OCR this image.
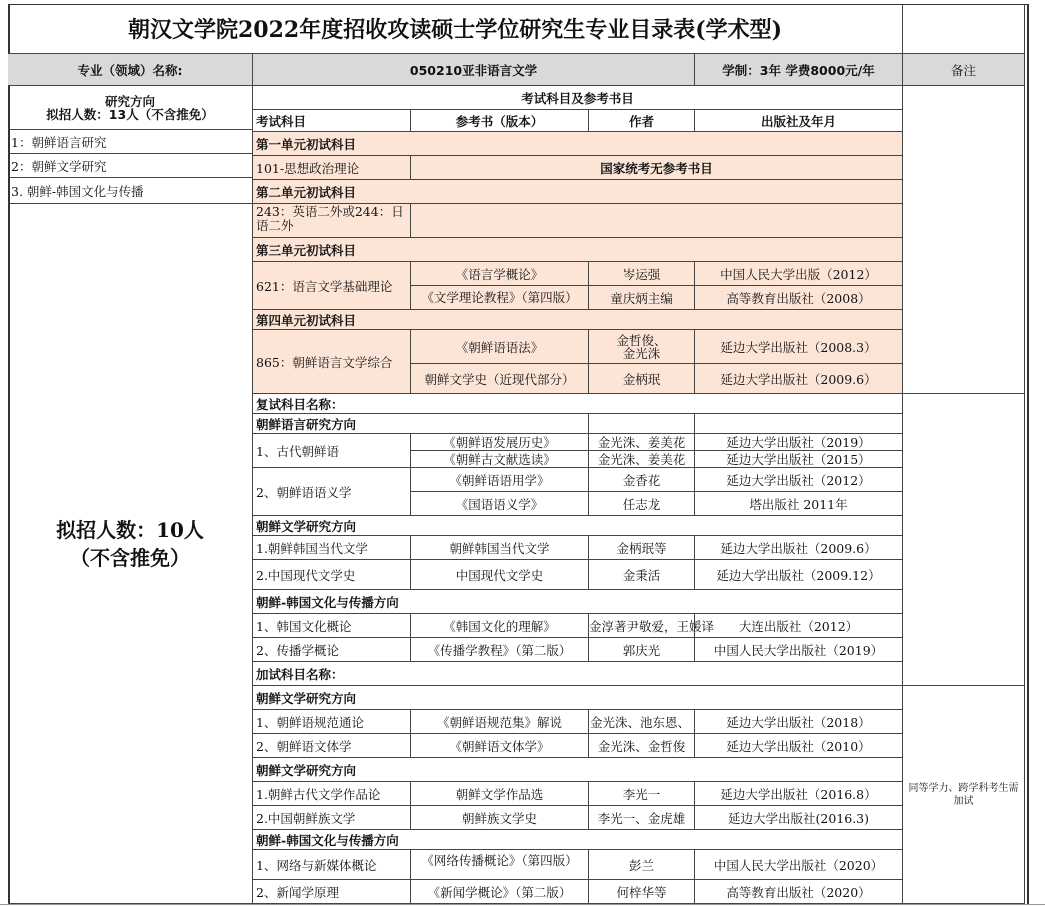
朝汉文学院2022年度招收攻读硕士学位研究生专业目录表(学术型)
专业（领域）名称:	050210亚非语言文学	学制：3年 学费8000元/年	备注
研究方向
拟招人数：13人（不含推免）
1：朝鲜语言研究
2：朝鲜文学研究
3. 朝鲜-韩国文化与传播
拟招人数：10人
（不含推免）
考试科目及参考书目
考试科目	参考书（版本）	作者	出版社及年月
同等学力、跨学科考生需加试
第一单元初试科目
101-思想政治理论	国家统考无参考书目
第二单元初试科目
243：英语二外或244：日语二外
第三单元初试科目
621：语言文学基础理论
《语言学概论》	岑运强	中国人民大学出版（2012）
《文学理论教程》（第四版）	童庆炳主编	高等教育出版社（2008）
第四单元初试科目
865：朝鲜语言文学综合
《朝鲜语语法》	金哲俊、
金光洙	延边大学出版社（2008.3）
朝鲜文学史（近现代部分）	金柄珉	延边大学出版社（2009.6）
复试科目名称：
朝鲜语言研究方向
1、古代朝鲜语
《朝鲜语发展历史》	金光洙、姜美花	延边大学出版社（2019）
《朝鲜古文献选读》	金光洙、姜美花	延边大学出版社（2015）
2、朝鲜语语义学
《朝鲜语语用学》	金香花	延边大学出版社（2012）
《国语语义学》	任志龙	塔出版社 2011年
朝鲜文学研究方向
1.朝鲜韩国当代文学	朝鲜韩国当代文学	金柄珉等	延边大学出版社（2009.6）
2.中国现代文学史	中国现代文学史	金秉活	延边大学出版社（2009.12）
朝鲜-韩国文化与传播方向
1、韩国文化概论	《韩国文化的理解》	金淳著尹敬爱，王媛译	大连出版社（2012）
2、传播学概论	《传播学教程》（第二版）	郭庆光	中国人民大学出版社（2019）
加试科目名称：
朝鲜文学研究方向
1、朝鲜语规范通论	《朝鲜语规范集》解说	金光洙、池东恩、	延边大学出版社（2018）
2、朝鲜语文体学	《朝鲜语文体学》	金光洙、金哲俊	延边大学出版社（2010）
朝鲜文学研究方向
1.朝鲜古代文学作品论	朝鲜文学作品选	李光一	延边大学出版社（2016.8）
2.中国朝鲜族文学	朝鲜族文学史	李光一、金虎雄	延边大学出版社(2016.3)
朝鲜-韩国文化与传播方向
1、网络与新媒体概论	《网络传播概论》（第四版）	彭兰	中国人民大学出版社（2020）
2、新闻学原理	《新闻学概论》（第二版）	何梓华等	高等教育出版社（2020）
